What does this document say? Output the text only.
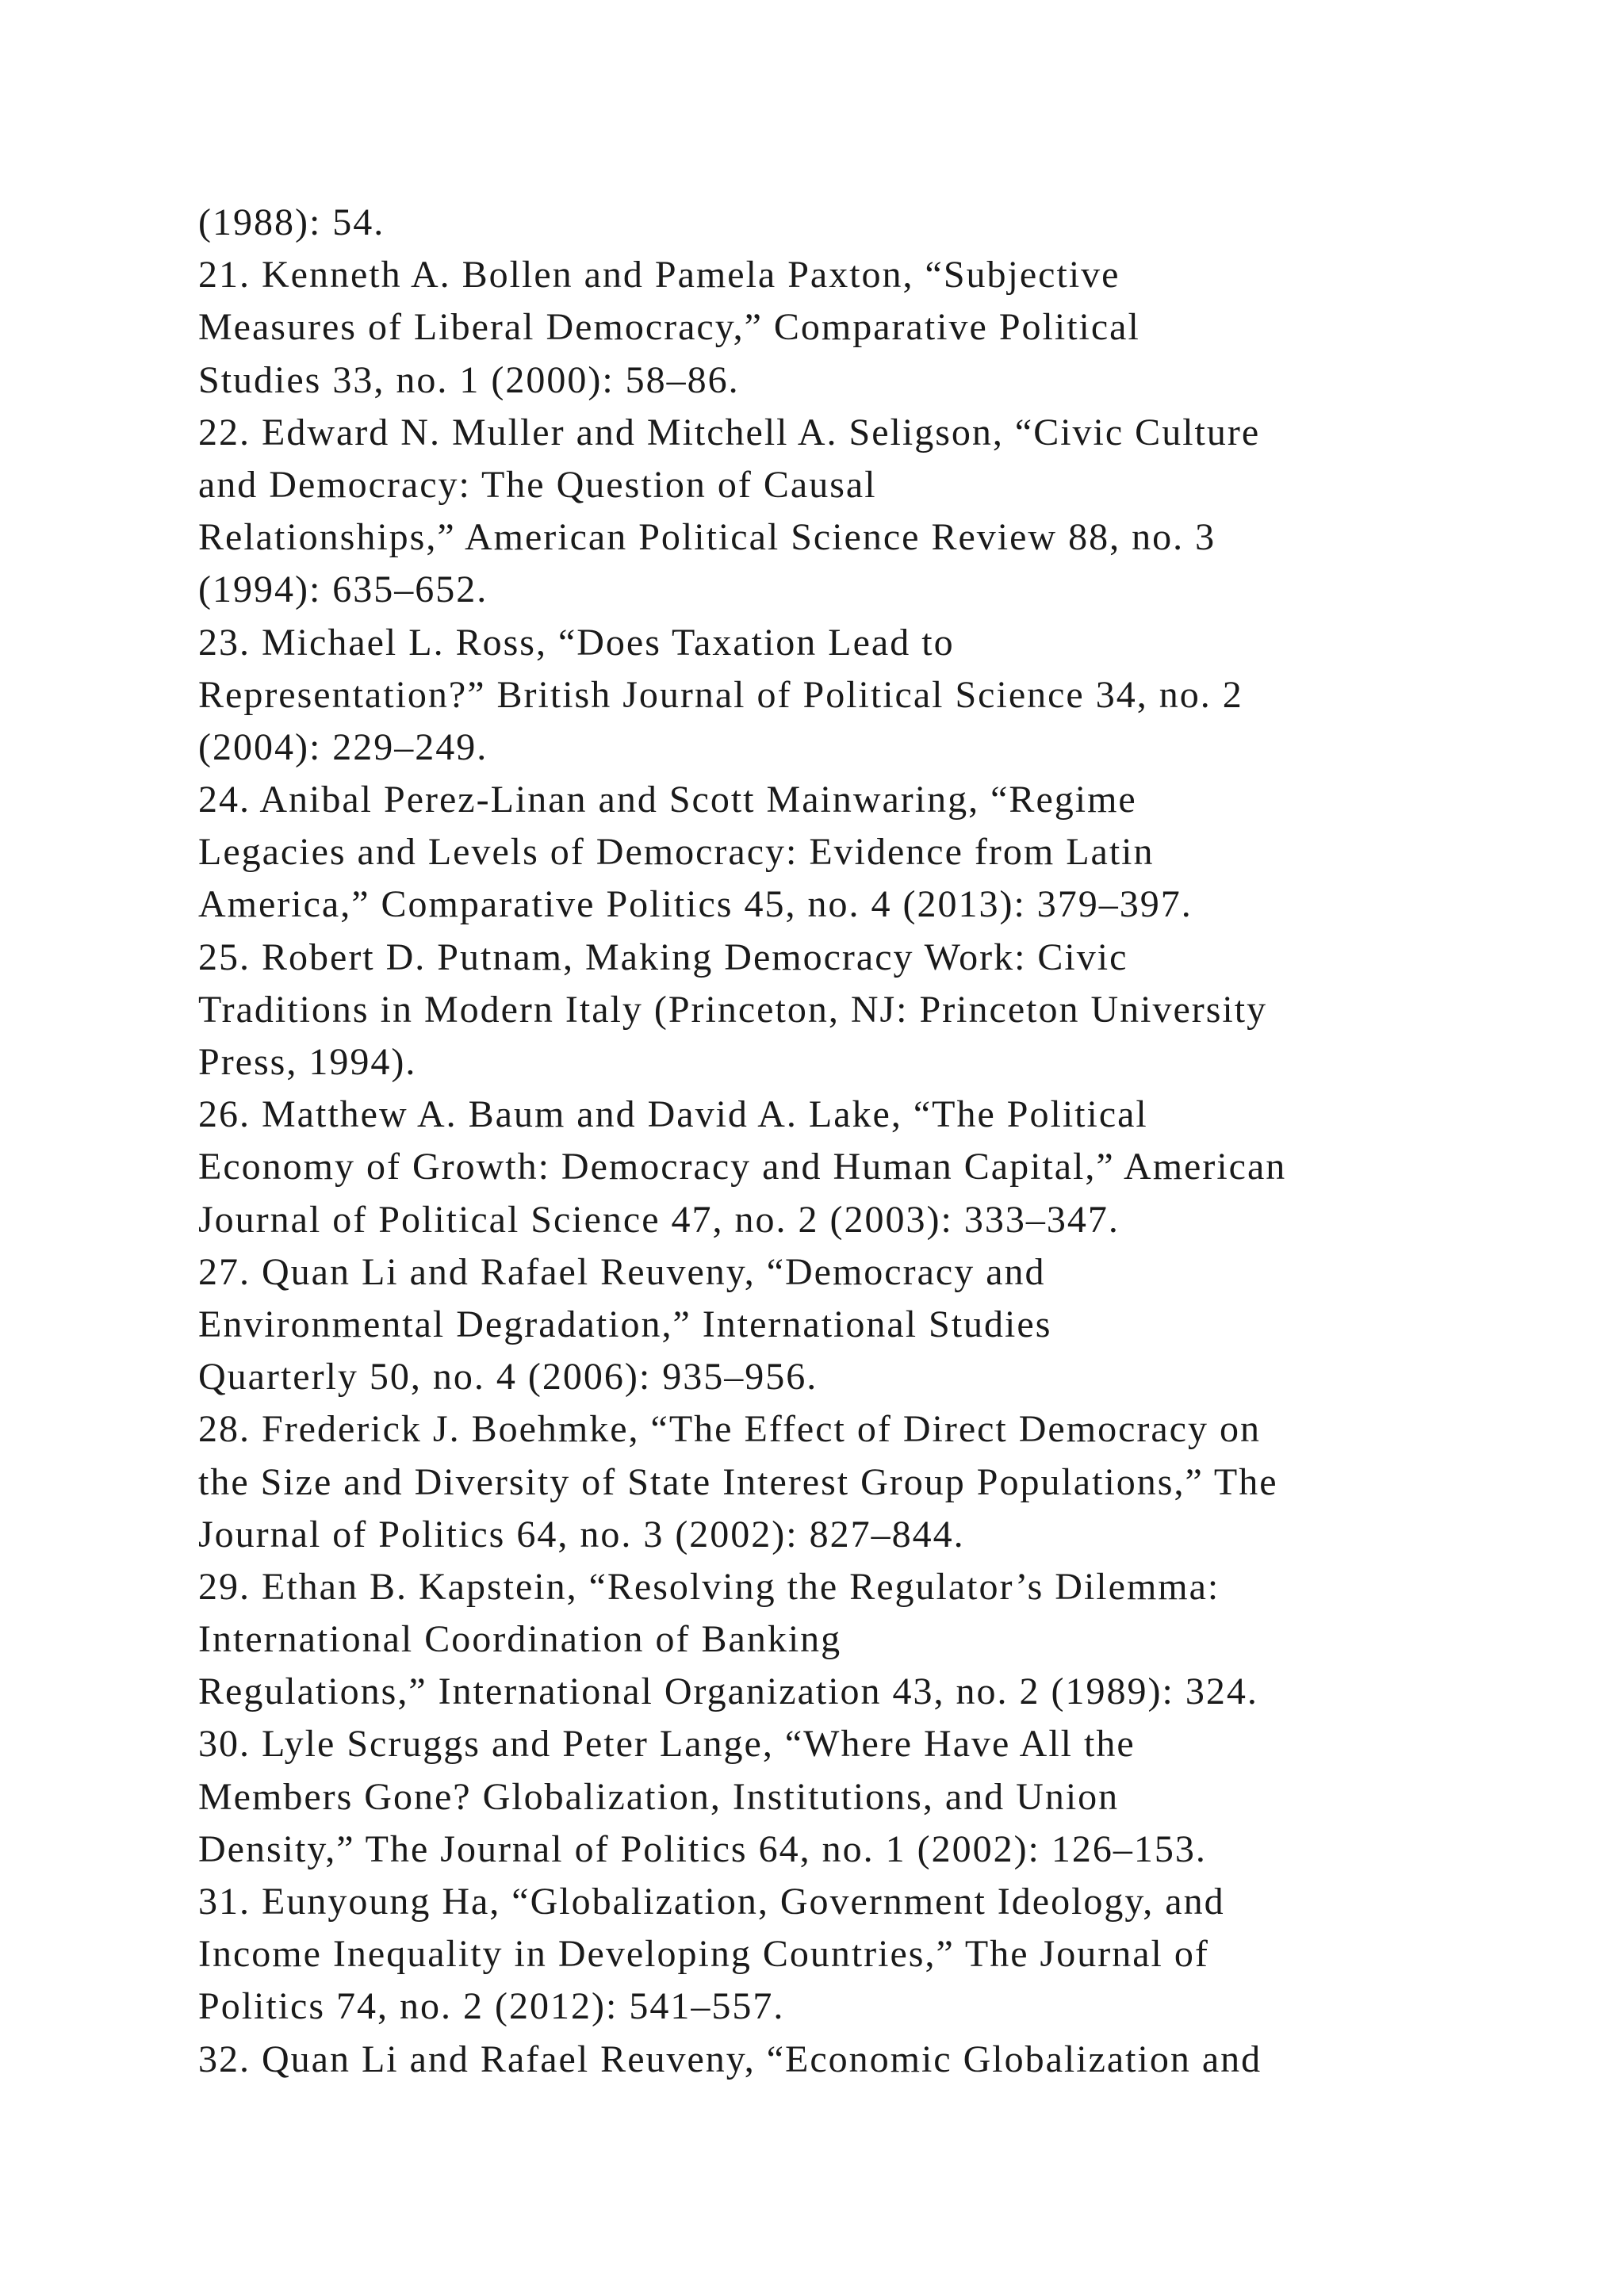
(1988): 54.
21. Kenneth A. Bollen and Pamela Paxton, “Subjective
Measures of Liberal Democracy,” Comparative Political
Studies 33, no. 1 (2000): 58–86.
22. Edward N. Muller and Mitchell A. Seligson, “Civic Culture
and Democracy: The Question of Causal
Relationships,” American Political Science Review 88, no. 3
(1994): 635–652.
23. Michael L. Ross, “Does Taxation Lead to
Representation?” British Journal of Political Science 34, no. 2
(2004): 229–249.
24. Anibal Perez-Linan and Scott Mainwaring, “Regime
Legacies and Levels of Democracy: Evidence from Latin
America,” Comparative Politics 45, no. 4 (2013): 379–397.
25. Robert D. Putnam, Making Democracy Work: Civic
Traditions in Modern Italy (Princeton, NJ: Princeton University
Press, 1994).
26. Matthew A. Baum and David A. Lake, “The Political
Economy of Growth: Democracy and Human Capital,” American
Journal of Political Science 47, no. 2 (2003): 333–347.
27. Quan Li and Rafael Reuveny, “Democracy and
Environmental Degradation,” International Studies
Quarterly 50, no. 4 (2006): 935–956.
28. Frederick J. Boehmke, “The Effect of Direct Democracy on
the Size and Diversity of State Interest Group Populations,” The
Journal of Politics 64, no. 3 (2002): 827–844.
29. Ethan B. Kapstein, “Resolving the Regulator’s Dilemma:
International Coordination of Banking
Regulations,” International Organization 43, no. 2 (1989): 324.
30. Lyle Scruggs and Peter Lange, “Where Have All the
Members Gone? Globalization, Institutions, and Union
Density,” The Journal of Politics 64, no. 1 (2002): 126–153.
31. Eunyoung Ha, “Globalization, Government Ideology, and
Income Inequality in Developing Countries,” The Journal of
Politics 74, no. 2 (2012): 541–557.
32. Quan Li and Rafael Reuveny, “Economic Globalization and
